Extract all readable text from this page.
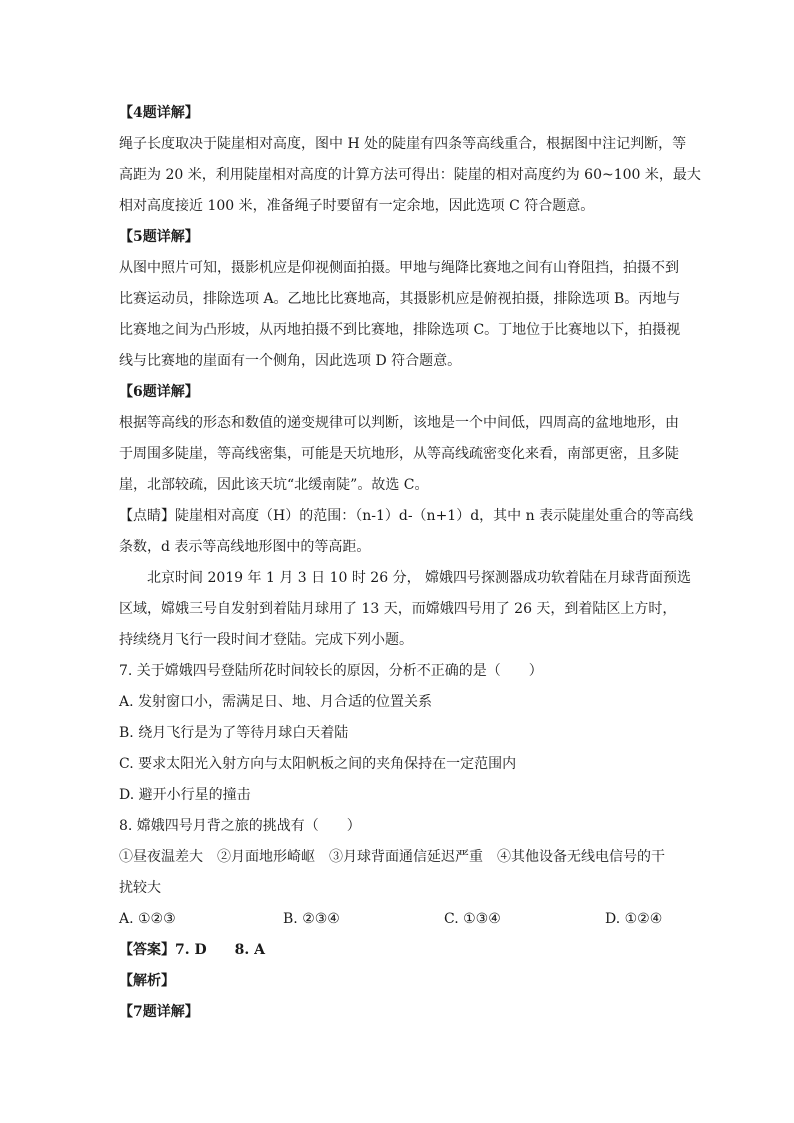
【4题详解】
绳子长度取决于陡崖相对高度，图中 H 处的陡崖有四条等高线重合，根据图中注记判断，等
高距为 20 米，利用陡崖相对高度的计算方法可得出：陡崖的相对高度约为 60~100 米，最大
相对高度接近 100 米，准备绳子时要留有一定余地，因此选项 C 符合题意。
【5题详解】
从图中照片可知，摄影机应是仰视侧面拍摄。甲地与绳降比赛地之间有山脊阻挡，拍摄不到
比赛运动员，排除选项 A。乙地比比赛地高，其摄影机应是俯视拍摄，排除选项 B。丙地与
比赛地之间为凸形坡，从丙地拍摄不到比赛地，排除选项 C。丁地位于比赛地以下，拍摄视
线与比赛地的崖面有一个侧角，因此选项 D 符合题意。
【6题详解】
根据等高线的形态和数值的递变规律可以判断，该地是一个中间低，四周高的盆地地形，由
于周围多陡崖，等高线密集，可能是天坑地形，从等高线疏密变化来看，南部更密，且多陡
崖，北部较疏，因此该天坑“北缓南陡”。故选 C。
【点睛】陡崖相对高度（H）的范围：（n-1）d-（n+1）d，其中 n 表示陡崖处重合的等高线
条数，d 表示等高线地形图中的等高距。
北京时间 2019 年 1 月 3 日 10 时 26 分， 嫦娥四号探测器成功软着陆在月球背面预选
区域，嫦娥三号自发射到着陆月球用了 13 天，而嫦娥四号用了 26 天，到着陆区上方时，
持续绕月飞行一段时间才登陆。完成下列小题。
7. 关于嫦娥四号登陆所花时间较长的原因，分析不正确的是（　　）
A. 发射窗口小，需满足日、地、月合适的位置关系
B. 绕月飞行是为了等待月球白天着陆
C. 要求太阳光入射方向与太阳帆板之间的夹角保持在一定范围内
D. 避开小行星的撞击
8. 嫦娥四号月背之旅的挑战有（　　）
①昼夜温差大　②月面地形崎岖　③月球背面通信延迟严重　④其他设备无线电信号的干
扰较大
A. ①②③	B. ②③④	C. ①③④	D. ①②④
【答案】7. D　　8. A
【解析】
【7题详解】
